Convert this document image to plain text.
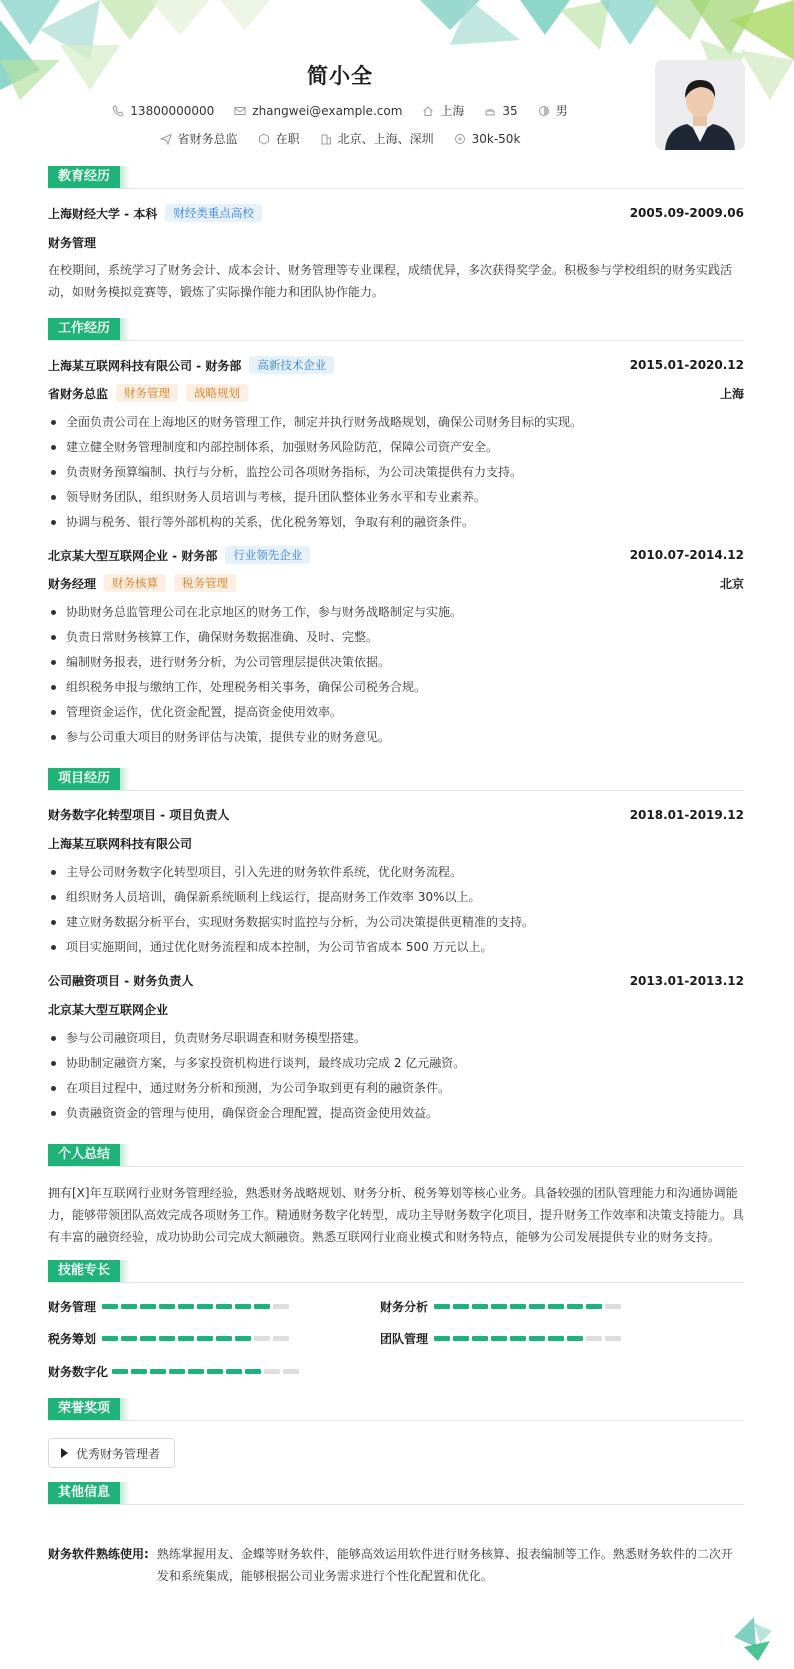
简小全
13800000000	zhangwei@example.com	上海	35	男
省财务总监	在职	北京、上海、深圳	30k-50k
教育经历
上海财经大学 - 本科	财经类重点高校	2005.09-2009.06
财务管理
在校期间，系统学习了财务会计、成本会计、财务管理等专业课程，成绩优异，多次获得奖学金。积极参与学校组织的财务实践活动，如财务模拟竞赛等，锻炼了实际操作能力和团队协作能力。
工作经历
上海某互联网科技有限公司 - 财务部	高新技术企业	2015.01-2020.12
省财务总监	财务管理	战略规划	上海
全面负责公司在上海地区的财务管理工作，制定并执行财务战略规划，确保公司财务目标的实现。
建立健全财务管理制度和内部控制体系，加强财务风险防范，保障公司资产安全。
负责财务预算编制、执行与分析，监控公司各项财务指标，为公司决策提供有力支持。
领导财务团队，组织财务人员培训与考核，提升团队整体业务水平和专业素养。
协调与税务、银行等外部机构的关系，优化税务筹划，争取有利的融资条件。
北京某大型互联网企业 - 财务部	行业领先企业	2010.07-2014.12
财务经理	财务核算	税务管理	北京
协助财务总监管理公司在北京地区的财务工作，参与财务战略制定与实施。
负责日常财务核算工作，确保财务数据准确、及时、完整。
编制财务报表，进行财务分析，为公司管理层提供决策依据。
组织税务申报与缴纳工作，处理税务相关事务，确保公司税务合规。
管理资金运作，优化资金配置，提高资金使用效率。
参与公司重大项目的财务评估与决策，提供专业的财务意见。
项目经历
财务数字化转型项目 - 项目负责人	2018.01-2019.12
上海某互联网科技有限公司
主导公司财务数字化转型项目，引入先进的财务软件系统，优化财务流程。
组织财务人员培训，确保新系统顺利上线运行，提高财务工作效率 30%以上。
建立财务数据分析平台，实现财务数据实时监控与分析，为公司决策提供更精准的支持。
项目实施期间，通过优化财务流程和成本控制，为公司节省成本 500 万元以上。
公司融资项目 - 财务负责人	2013.01-2013.12
北京某大型互联网企业
参与公司融资项目，负责财务尽职调查和财务模型搭建。
协助制定融资方案，与多家投资机构进行谈判，最终成功完成 2 亿元融资。
在项目过程中，通过财务分析和预测，为公司争取到更有利的融资条件。
负责融资资金的管理与使用，确保资金合理配置，提高资金使用效益。
个人总结
拥有[X]年互联网行业财务管理经验，熟悉财务战略规划、财务分析、税务筹划等核心业务。具备较强的团队管理能力和沟通协调能力，能够带领团队高效完成各项财务工作。精通财务数字化转型，成功主导财务数字化项目，提升财务工作效率和决策支持能力。具有丰富的融资经验，成功协助公司完成大额融资。熟悉互联网行业商业模式和财务特点，能够为公司发展提供专业的财务支持。
技能专长
财务管理	财务分析
税务筹划	团队管理
财务数字化
荣誉奖项
优秀财务管理者
其他信息
财务软件熟练使用: 熟练掌握用友、金蝶等财务软件，能够高效运用软件进行财务核算、报表编制等工作。熟悉财务软件的二次开发和系统集成，能够根据公司业务需求进行个性化配置和优化。
